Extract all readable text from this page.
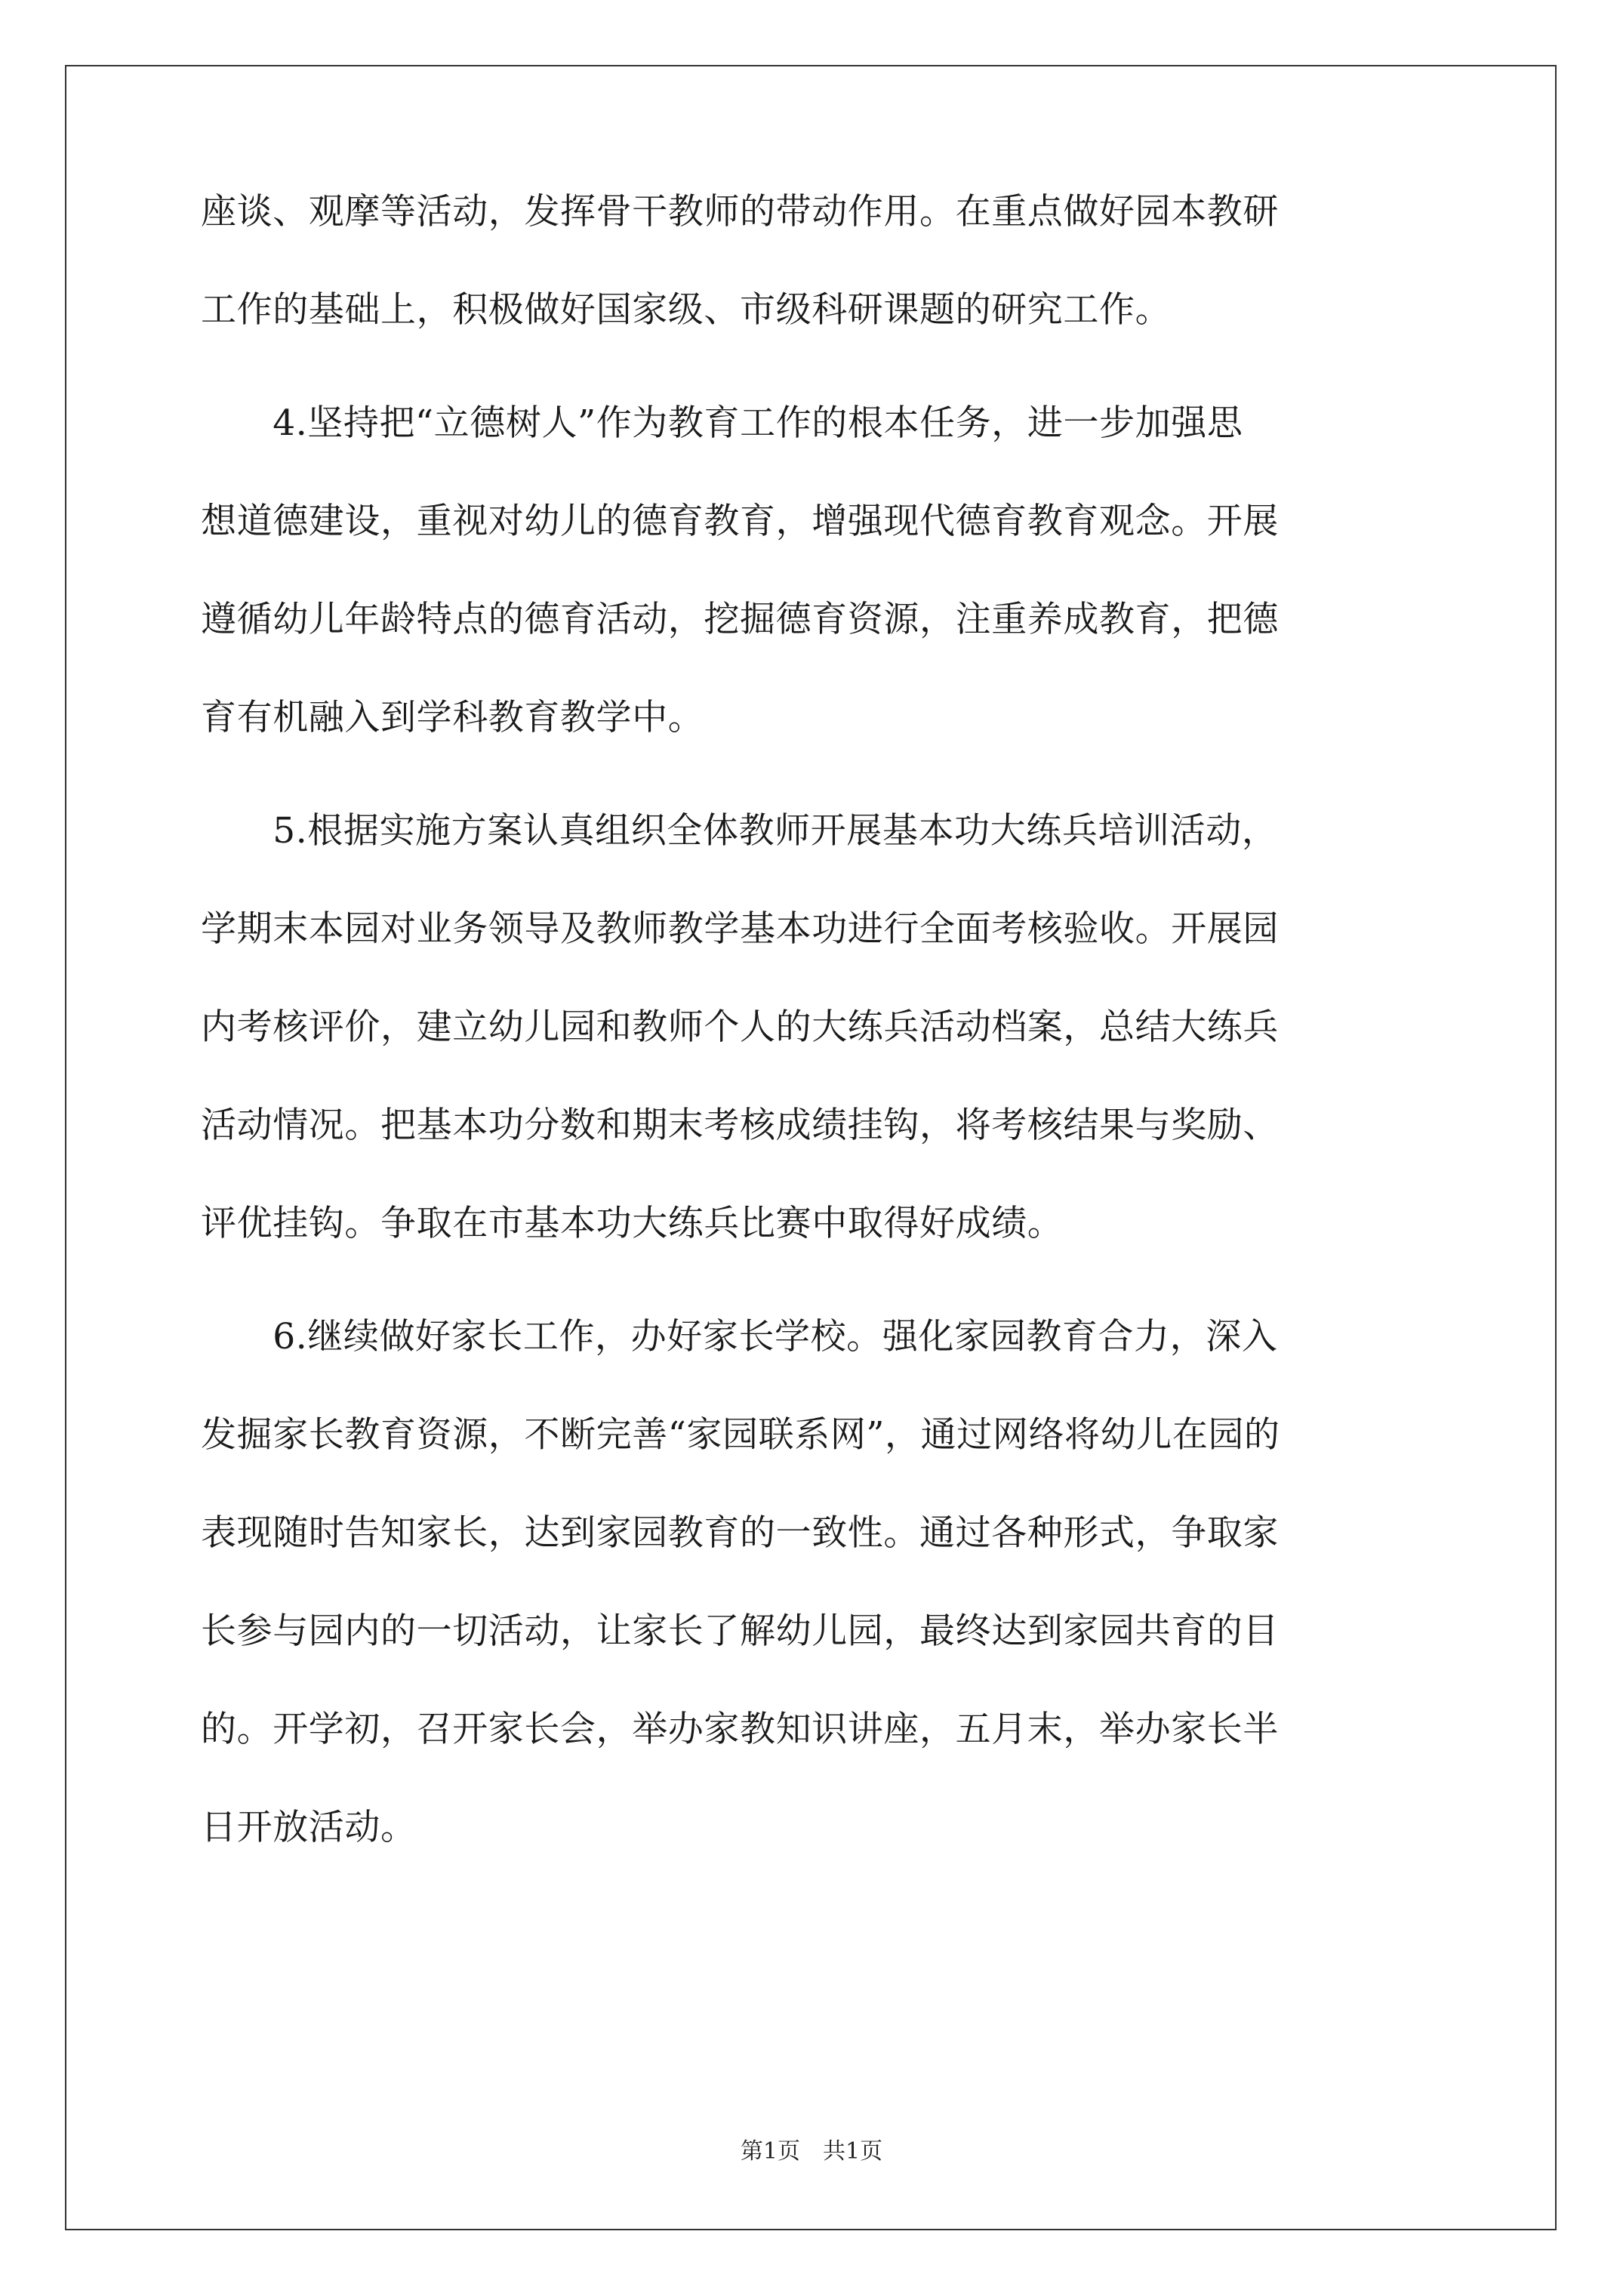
座谈、观摩等活动，发挥骨干教师的带动作用。在重点做好园本教研
工作的基础上，积极做好国家级、市级科研课题的研究工作。
　　4.坚持把“立德树人”作为教育工作的根本任务，进一步加强思
想道德建设，重视对幼儿的德育教育，增强现代德育教育观念。开展
遵循幼儿年龄特点的德育活动，挖掘德育资源，注重养成教育，把德
育有机融入到学科教育教学中。
　　5.根据实施方案认真组织全体教师开展基本功大练兵培训活动，
学期末本园对业务领导及教师教学基本功进行全面考核验收。开展园
内考核评价，建立幼儿园和教师个人的大练兵活动档案，总结大练兵
活动情况。把基本功分数和期末考核成绩挂钩，将考核结果与奖励、
评优挂钩。争取在市基本功大练兵比赛中取得好成绩。
　　6.继续做好家长工作，办好家长学校。强化家园教育合力，深入
发掘家长教育资源，不断完善“家园联系网”，通过网络将幼儿在园的
表现随时告知家长，达到家园教育的一致性。通过各种形式，争取家
长参与园内的一切活动，让家长了解幼儿园，最终达到家园共育的目
的。开学初，召开家长会，举办家教知识讲座，五月末，举办家长半
日开放活动。
第1页　共1页
